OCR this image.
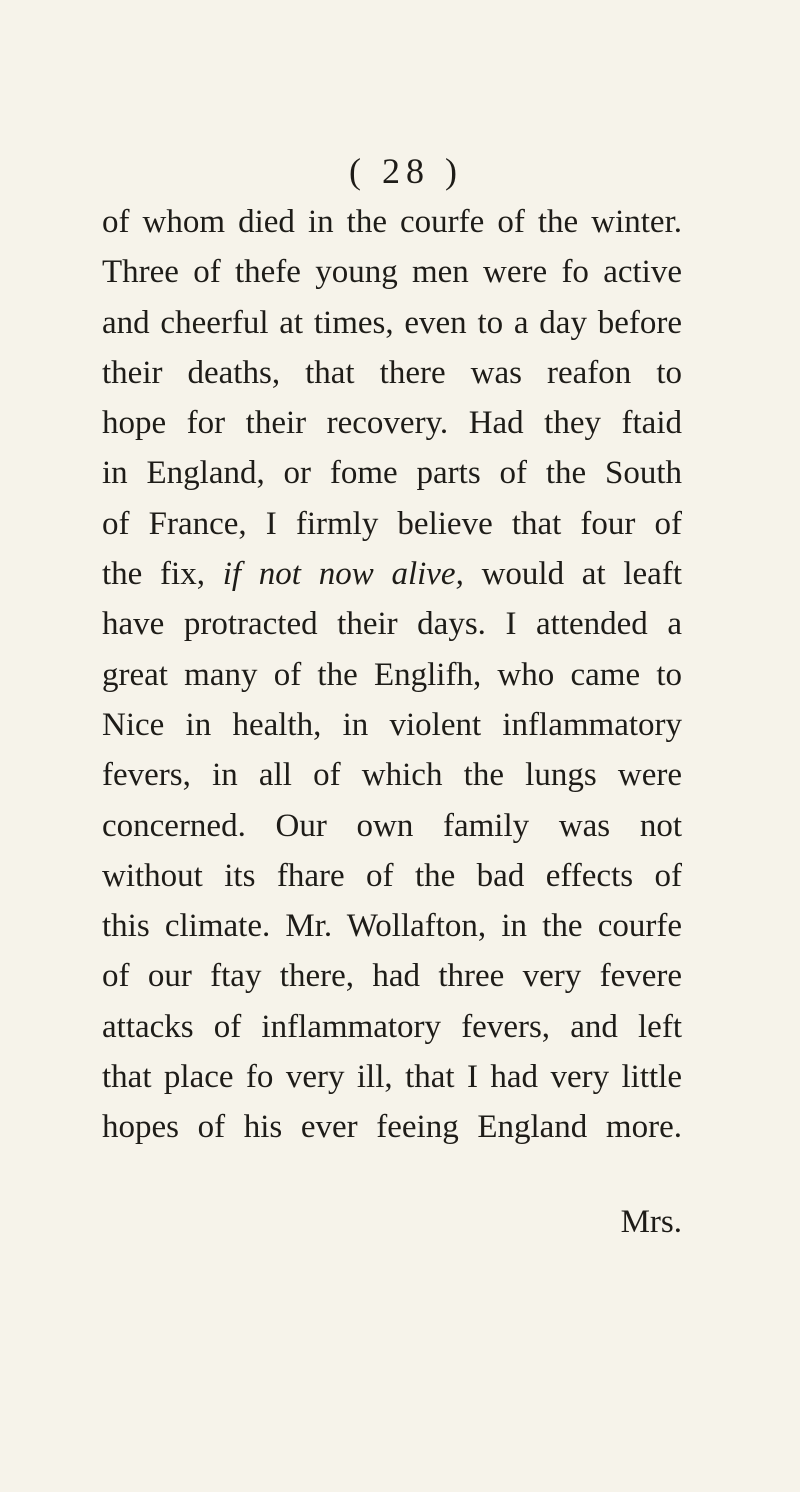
( 28 )
of whom died in the courfe of the winter.
Three of thefe young men were fo active
and cheerful at times, even to a day before
their deaths, that there was reafon to
hope for their recovery. Had they ftaid
in England, or fome parts of the South
of France, I firmly believe that four of
the fix, if not now alive, would at leaft
have protracted their days. I attended a
great many of the Englifh, who came to
Nice in health, in violent inflammatory
fevers, in all of which the lungs were
concerned. Our own family was not
without its fhare of the bad effects of
this climate. Mr. Wollafton, in the courfe
of our ftay there, had three very fevere
attacks of inflammatory fevers, and left
that place fo very ill, that I had very little
hopes of his ever feeing England more.
Mrs.
